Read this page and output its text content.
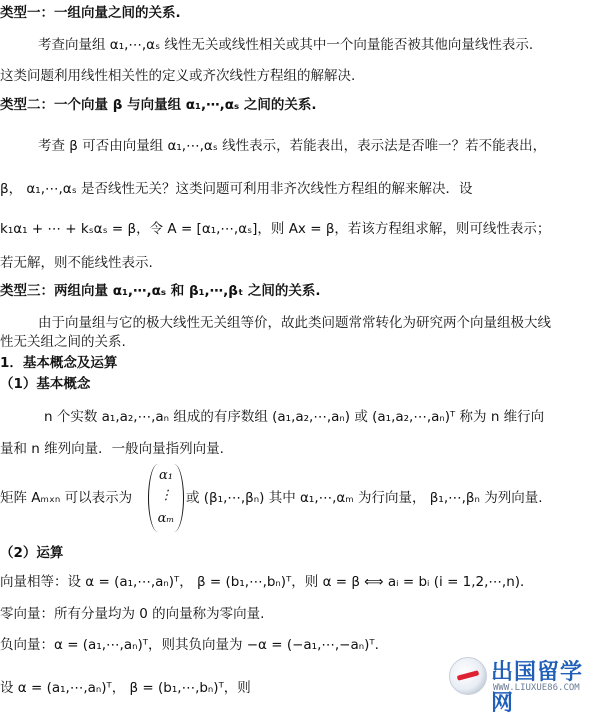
类型一：一组向量之间的关系.
考查向量组 α₁,⋯,αₛ 线性无关或线性相关或其中一个向量能否被其他向量线性表示.
这类问题利用线性相关性的定义或齐次线性方程组的解解决.
类型二：一个向量 β 与向量组 α₁,⋯,αₛ 之间的关系.
考查 β 可否由向量组 α₁,⋯,αₛ 线性表示，若能表出，表示法是否唯一？若不能表出，
β， α₁,⋯,αₛ 是否线性无关？这类问题可利用非齐次线性方程组的解来解决．设
k₁α₁ + ⋯ + kₛαₛ = β，令 A = [α₁,⋯,αₛ]，则 Ax = β，若该方程组求解，则可线性表示；
若无解，则不能线性表示.
类型三：两组向量 α₁,⋯,αₛ 和 β₁,⋯,βₜ 之间的关系.
由于向量组与它的极大线性无关组等价，故此类问题常常转化为研究两个向量组极大线
性无关组之间的关系.
1．基本概念及运算
（1）基本概念
n 个实数 a₁,a₂,⋯,aₙ 组成的有序数组 (a₁,a₂,⋯,aₙ) 或 (a₁,a₂,⋯,aₙ)ᵀ 称为 n 维行向
量和 n 维列向量．一般向量指列向量.
矩阵 Aₘₓₙ 可以表示为
α₁
⋮
αₘ
或 (β₁,⋯,βₙ) 其中 α₁,⋯,αₘ 为行向量， β₁,⋯,βₙ 为列向量.
（2）运算
向量相等：设 α = (a₁,⋯,aₙ)ᵀ， β = (b₁,⋯,bₙ)ᵀ，则 α = β ⟺ aᵢ = bᵢ (i = 1,2,⋯,n)．
零向量：所有分量均为 0 的向量称为零向量.
负向量：α = (a₁,⋯,aₙ)ᵀ，则其负向量为 −α = (−a₁,⋯,−aₙ)ᵀ.
设 α = (a₁,⋯,aₙ)ᵀ， β = (b₁,⋯,bₙ)ᵀ，则
出国留学网
WWW.LIUXUE86.COM
